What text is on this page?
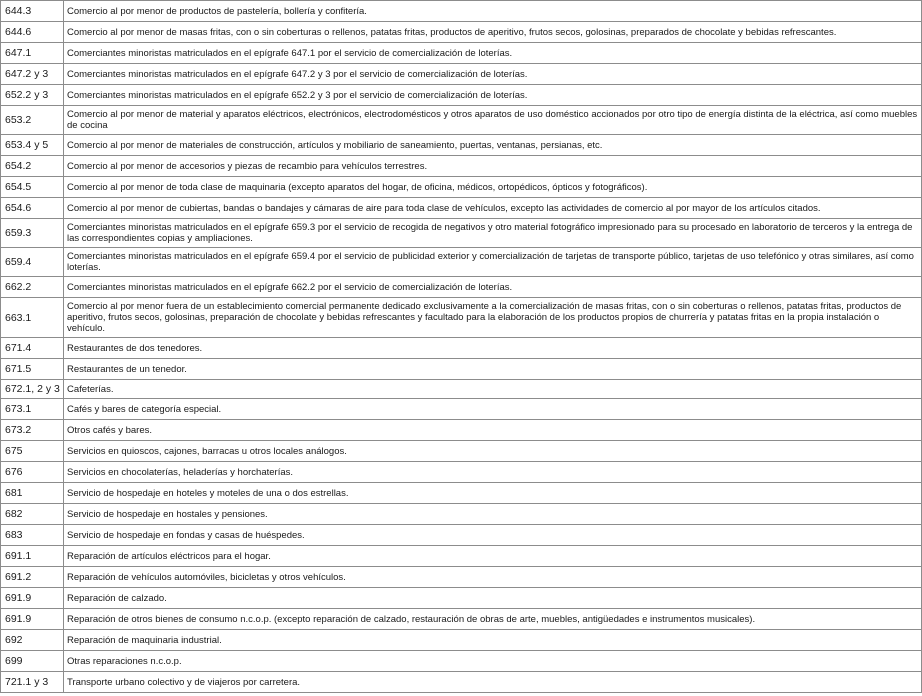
644.3	Comercio al por menor de productos de pastelería, bollería y confitería.
644.6	Comercio al por menor de masas fritas, con o sin coberturas o rellenos, patatas fritas, productos de aperitivo, frutos secos, golosinas, preparados de chocolate y bebidas refrescantes.
647.1	Comerciantes minoristas matriculados en el epígrafe 647.1 por el servicio de comercialización de loterías.
647.2 y 3	Comerciantes minoristas matriculados en el epígrafe 647.2 y 3 por el servicio de comercialización de loterías.
652.2 y 3	Comerciantes minoristas matriculados en el epígrafe 652.2 y 3 por el servicio de comercialización de loterías.
653.2	Comercio al por menor de material y aparatos eléctricos, electrónicos, electrodomésticos y otros aparatos de uso doméstico accionados por otro tipo de energía distinta de la eléctrica, así como muebles de cocina
653.4 y 5	Comercio al por menor de materiales de construcción, artículos y mobiliario de saneamiento, puertas, ventanas, persianas, etc.
654.2	Comercio al por menor de accesorios y piezas de recambio para vehículos terrestres.
654.5	Comercio al por menor de toda clase de maquinaria (excepto aparatos del hogar, de oficina, médicos, ortopédicos, ópticos y fotográficos).
654.6	Comercio al por menor de cubiertas, bandas o bandajes y cámaras de aire para toda clase de vehículos, excepto las actividades de comercio al por mayor de los artículos citados.
659.3	Comerciantes minoristas matriculados en el epígrafe 659.3 por el servicio de recogida de negativos y otro material fotográfico impresionado para su procesado en laboratorio de terceros y la entrega de las correspondientes copias y ampliaciones.
659.4	Comerciantes minoristas matriculados en el epígrafe 659.4 por el servicio de publicidad exterior y comercialización de tarjetas de transporte público, tarjetas de uso telefónico y otras similares, así como loterías.
662.2	Comerciantes minoristas matriculados en el epígrafe 662.2 por el servicio de comercialización de loterías.
663.1	Comercio al por menor fuera de un establecimiento comercial permanente dedicado exclusivamente a la comercialización de masas fritas, con o sin coberturas o rellenos, patatas fritas, productos de aperitivo, frutos secos, golosinas, preparación de chocolate y bebidas refrescantes y facultado para la elaboración de los productos propios de churrería y patatas fritas en la propia instalación o vehículo.
671.4	Restaurantes de dos tenedores.
671.5	Restaurantes de un tenedor.
672.1, 2 y 3	Cafeterías.
673.1	Cafés y bares de categoría especial.
673.2	Otros cafés y bares.
675	Servicios en quioscos, cajones, barracas u otros locales análogos.
676	Servicios en chocolaterías, heladerías y horchaterías.
681	Servicio de hospedaje en hoteles y moteles de una o dos estrellas.
682	Servicio de hospedaje en hostales y pensiones.
683	Servicio de hospedaje en fondas y casas de huéspedes.
691.1	Reparación de artículos eléctricos para el hogar.
691.2	Reparación de vehículos automóviles, bicicletas y otros vehículos.
691.9	Reparación de calzado.
691.9	Reparación de otros bienes de consumo n.c.o.p. (excepto reparación de calzado, restauración de obras de arte, muebles, antigüedades e instrumentos musicales).
692	Reparación de maquinaria industrial.
699	Otras reparaciones n.c.o.p.
721.1 y 3	Transporte urbano colectivo y de viajeros por carretera.
